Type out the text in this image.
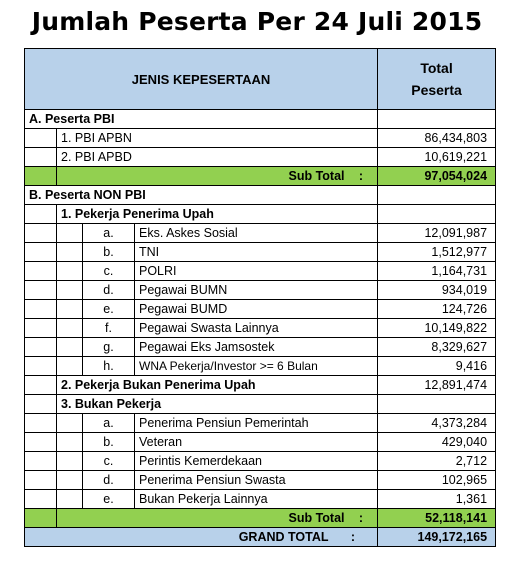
Jumlah Peserta Per 24 Juli 2015
JENIS KEPESERTAAN				Total
Peserta

A. Peserta PBI				
	1. PBI APBN			86,434,803
	2. PBI APBD			10,619,221
			Sub Total :	97,054,024
B. Peserta NON PBI				
	1. Pekerja Penerima Upah			
		a.	Eks. Askes Sosial	12,091,987
		b.	TNI	1,512,977
		c.	POLRI	1,164,731
		d.	Pegawai BUMN	934,019
		e.	Pegawai BUMD	124,726
		f.	Pegawai Swasta Lainnya	10,149,822
		g.	Pegawai Eks Jamsostek	8,329,627
		h.	WNA Pekerja/Investor >= 6 Bulan	9,416
	2. Pekerja Bukan Penerima Upah			12,891,474
	3. Bukan Pekerja			
		a.	Penerima Pensiun Pemerintah	4,373,284
		b.	Veteran	429,040
		c.	Perintis Kemerdekaan	2,712
		d.	Penerima Pensiun Swasta	102,965
		e.	Bukan Pekerja Lainnya	1,361
			Sub Total :	52,118,141
			GRAND TOTAL :	149,172,165
